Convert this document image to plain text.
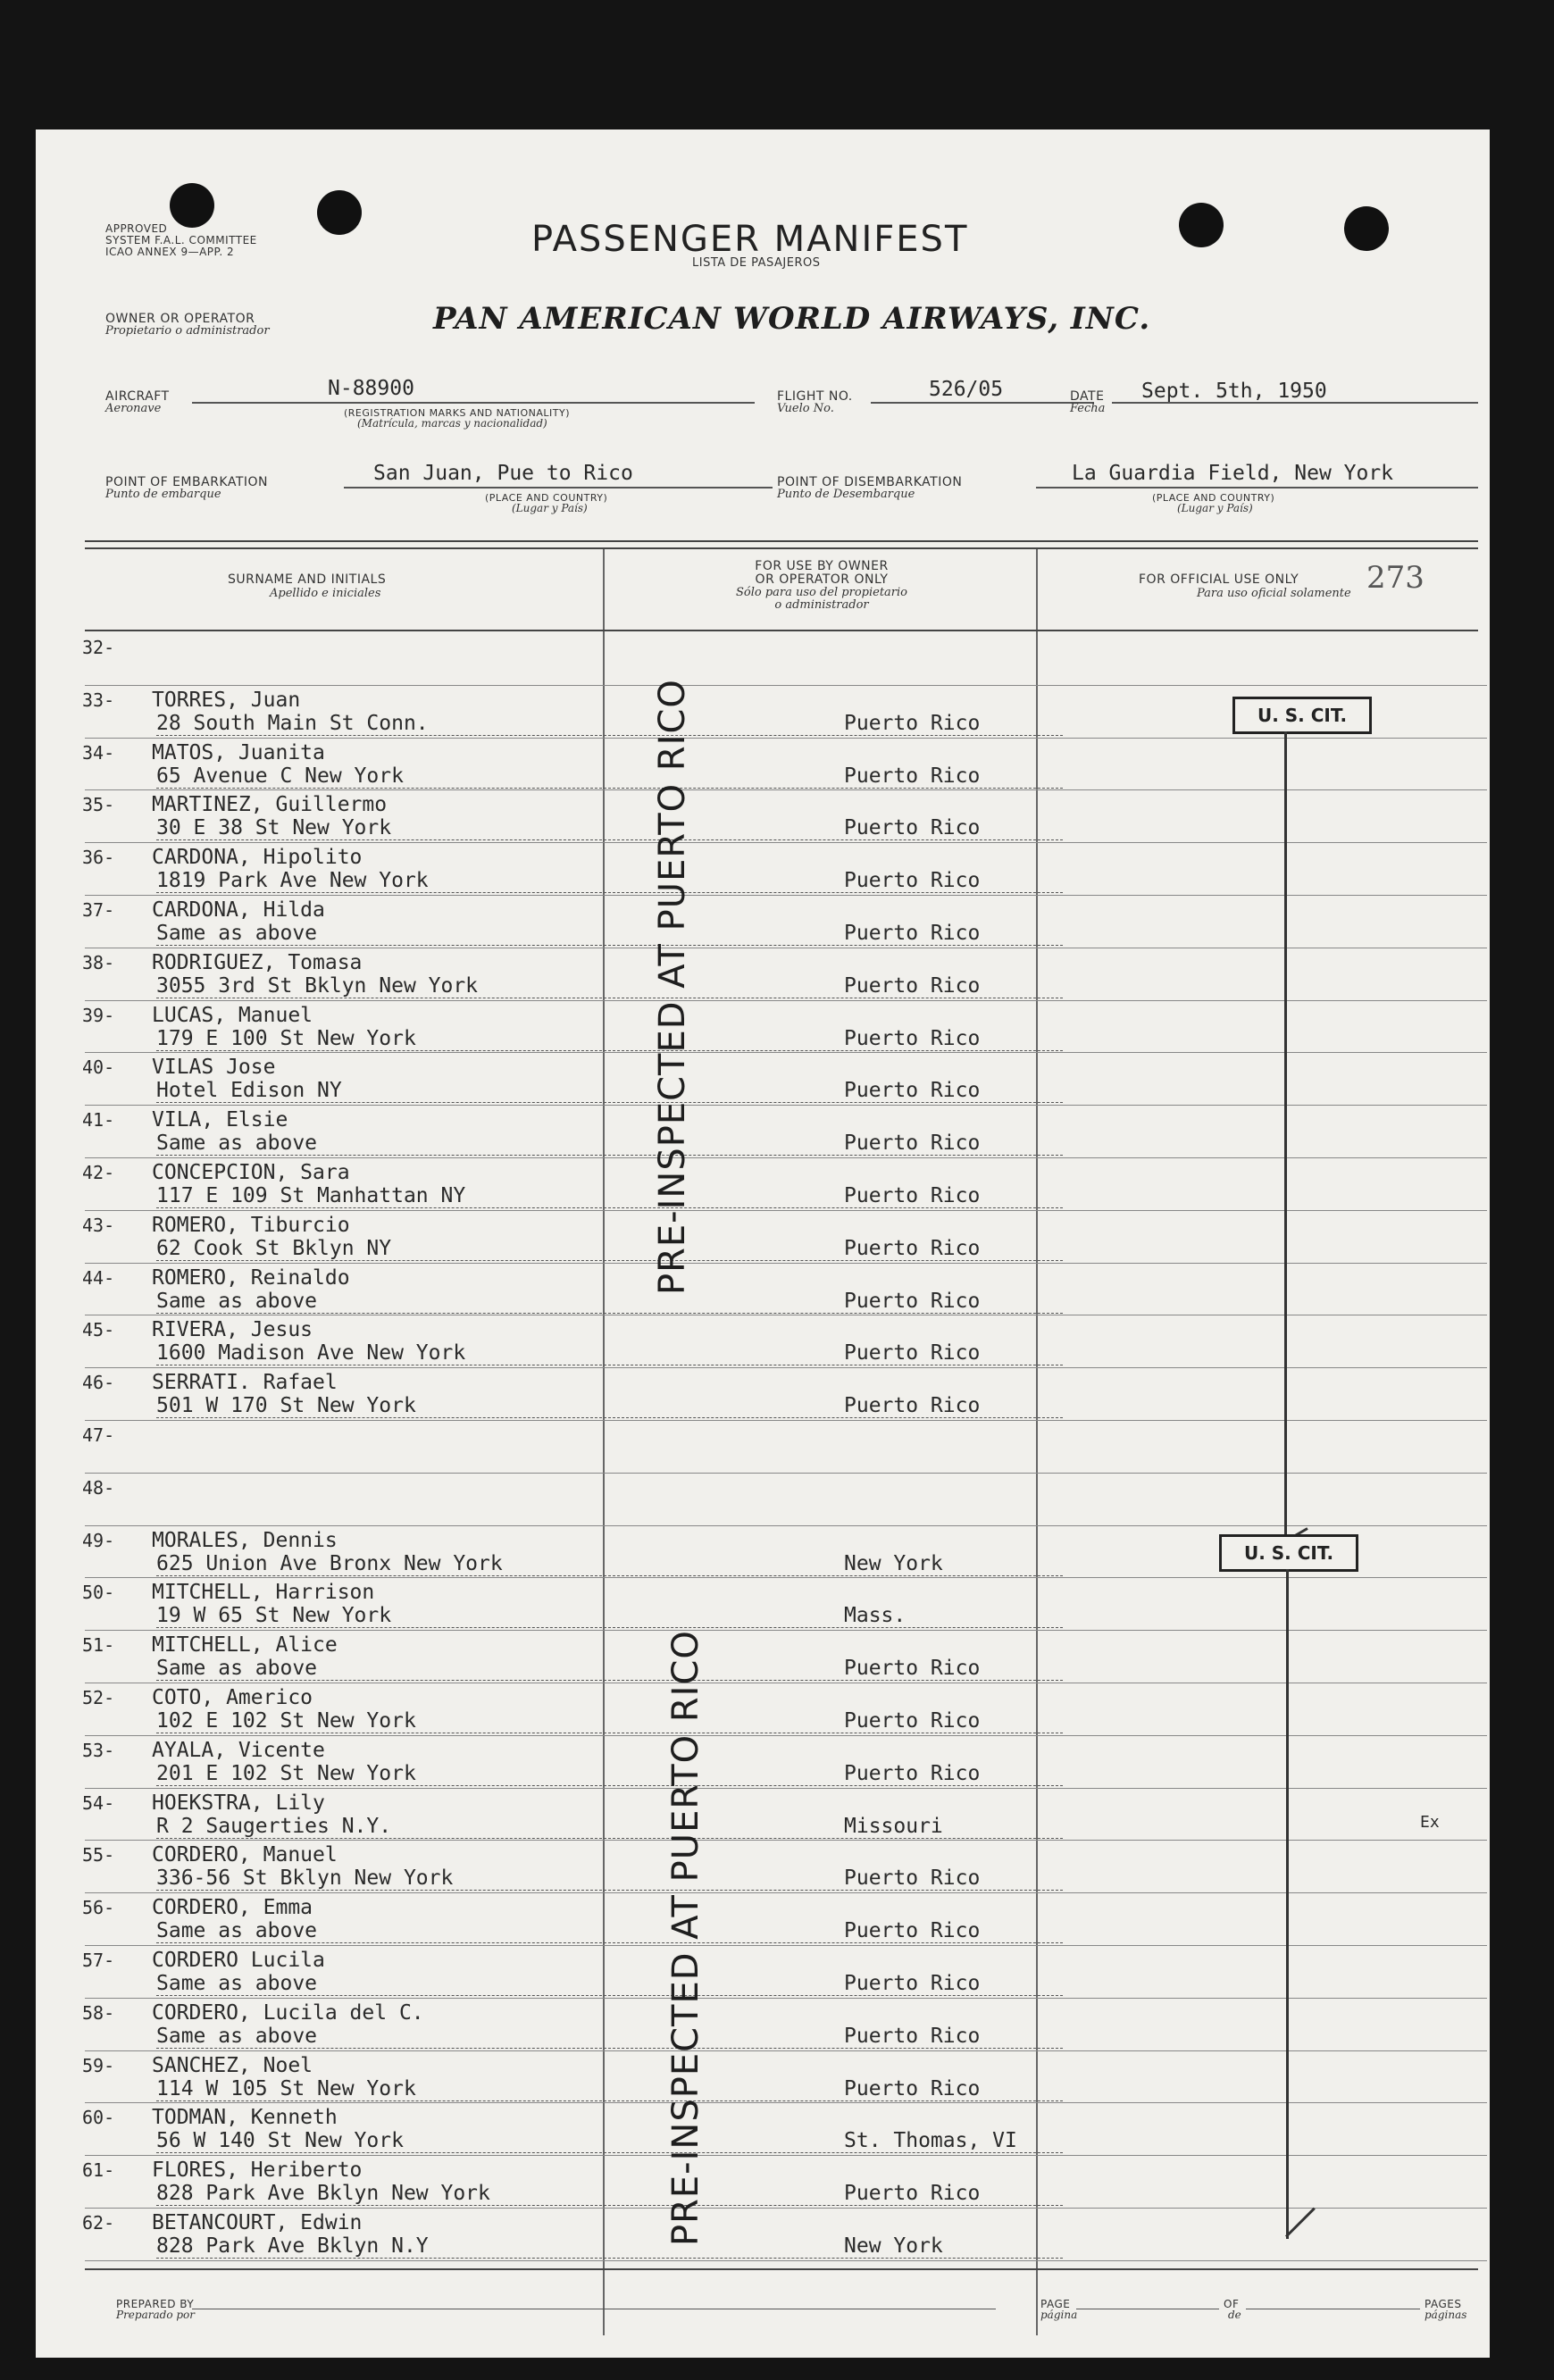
APPROVED
SYSTEM F.A.L. COMMITTEE
ICAO ANNEX 9—APP. 2	PASSENGER MANIFEST
LISTA DE PASAJEROS
OWNER OR OPERATOR
Propietario o administrador	PAN AMERICAN WORLD AIRWAYS, INC.
AIRCRAFT
Aeronave
N-88900
(REGISTRATION MARKS AND NATIONALITY)
(Matrícula, marcas y nacionalidad)
FLIGHT NO.
Vuelo No.
526/05	DATE
Fecha
Sept. 5th, 1950
POINT OF EMBARKATION
Punto de embarque
San Juan, Pue to Rico
(PLACE AND COUNTRY)
(Lugar y País)
POINT OF DISEMBARKATION
Punto de Desembarque
La Guardia Field, New York
(PLACE AND COUNTRY)
(Lugar y País)
SURNAME AND INITIALS
Apellido e iniciales
FOR USE BY OWNER
OR OPERATOR ONLY
Sólo para uso del propietario
o administrador
FOR OFFICIAL USE ONLY
Para uso oficial solamente 273
32-
33- TORRES, Juan
28 South Main St Conn.	Puerto Rico
34- MATOS, Juanita
65 Avenue C New York	Puerto Rico
35- MARTINEZ, Guillermo
30 E 38 St New York	Puerto Rico
36- CARDONA, Hipolito
1819 Park Ave New York	Puerto Rico
37- CARDONA, Hilda
Same as above	Puerto Rico
38- RODRIGUEZ, Tomasa
3055 3rd St Bklyn New York	Puerto Rico
39- LUCAS, Manuel
179 E 100 St New York	Puerto Rico
40- VILAS Jose
Hotel Edison NY	Puerto Rico
41- VILA, Elsie
Same as above	Puerto Rico
42- CONCEPCION, Sara
117 E 109 St Manhattan NY	Puerto Rico
43- ROMERO, Tiburcio
62 Cook St Bklyn NY	Puerto Rico
44- ROMERO, Reinaldo
Same as above	Puerto Rico
45- RIVERA, Jesus
1600 Madison Ave New York	Puerto Rico
46- SERRATI. Rafael
501 W 170 St New York	Puerto Rico
47-
48-
49- MORALES, Dennis
625 Union Ave Bronx New York	New York
50- MITCHELL, Harrison
19 W 65 St New York	Mass.
51- MITCHELL, Alice
Same as above	Puerto Rico
52- COTO, Americo
102 E 102 St New York	Puerto Rico
53- AYALA, Vicente
201 E 102 St New York	Puerto Rico
54- HOEKSTRA, Lily
R 2 Saugerties N.Y.	Missouri
55- CORDERO, Manuel
336-56 St Bklyn New York	Puerto Rico
56- CORDERO, Emma
Same as above	Puerto Rico
57- CORDERO Lucila
Same as above	Puerto Rico
58- CORDERO, Lucila del C.
Same as above	Puerto Rico
59- SANCHEZ, Noel
114 W 105 St New York	Puerto Rico
60- TODMAN, Kenneth
56 W 140 St New York	St. Thomas, VI
61- FLORES, Heriberto
828 Park Ave Bklyn New York	Puerto Rico
62- BETANCOURT, Edwin
828 Park Ave Bklyn N.Y	New York
U. S. CIT.
U. S. CIT.
Ex
PRE-INSPECTED AT PUERTO RICO
PRE-INSPECTED AT PUERTO RICO
PREPARED BY
Preparado por
PAGE
página
OF
de
PAGES
páginas
